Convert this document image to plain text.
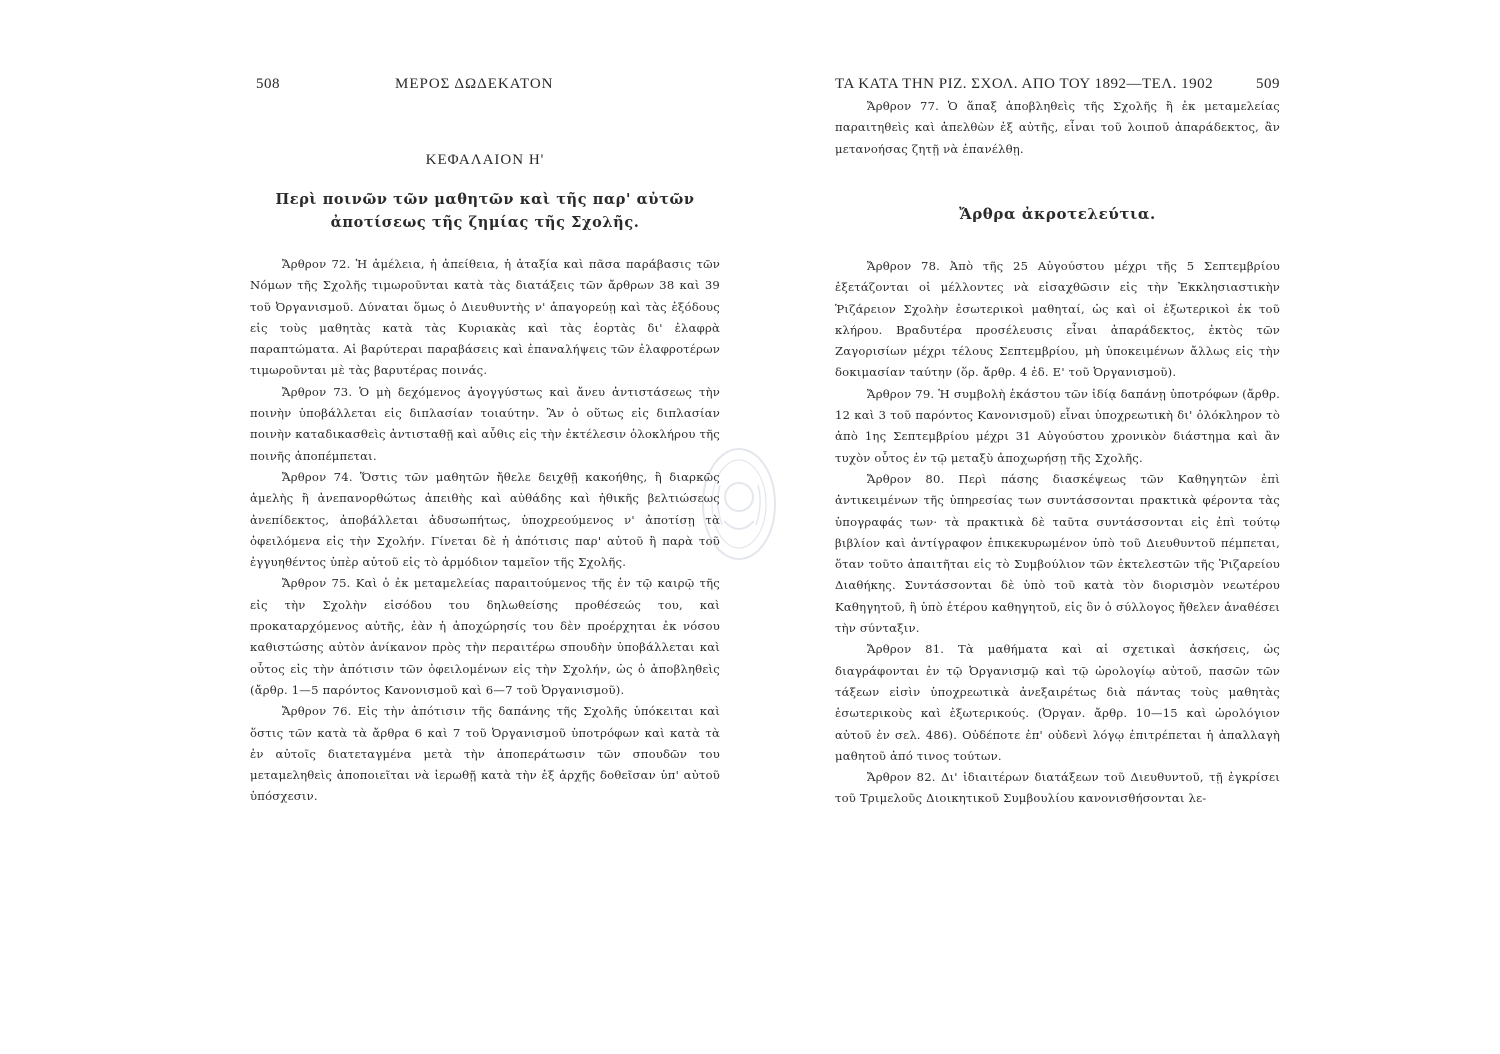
508	ΜΕΡΟΣ ΔΩΔΕΚΑΤΟΝ
ΚΕΦΑΛΑΙΟΝ Η'
Περὶ ποινῶν τῶν μαθητῶν καὶ τῆς παρ' αὐτῶν
ἀποτίσεως τῆς ζημίας τῆς Σχολῆς.

Ἄρθρον 72. Ἡ ἀμέλεια, ἡ ἀπείθεια, ἡ ἀταξία καὶ πᾶσα παράβασις τῶν Νόμων τῆς Σχολῆς τιμωροῦνται κατὰ τὰς διατάξεις τῶν ἄρθρων 38 καὶ 39 τοῦ Ὀργανισμοῦ. Δύναται ὅμως ὁ Διευθυντὴς ν' ἀπαγορεύῃ καὶ τὰς ἐξόδους εἰς τοὺς μαθητὰς κατὰ τὰς Κυριακὰς καὶ τὰς ἑορτὰς δι' ἐλαφρὰ παραπτώματα. Αἱ βαρύτεραι παραβάσεις καὶ ἐπαναλήψεις τῶν ἐλαφροτέρων τιμωροῦνται μὲ τὰς βαρυτέρας ποινάς.

Ἄρθρον 73. Ὁ μὴ δεχόμενος ἀγογγύστως καὶ ἄνευ ἀντιστάσεως τὴν ποινὴν ὑποβάλλεται εἰς διπλασίαν τοιαύτην. Ἂν ὁ οὕτως εἰς διπλασίαν ποινὴν καταδικασθεὶς ἀντισταθῇ καὶ αὖθις εἰς τὴν ἐκτέλεσιν ὁλοκλήρου τῆς ποινῆς ἀποπέμπεται.

Ἄρθρον 74. Ὅστις τῶν μαθητῶν ἤθελε δειχθῇ κακοήθης, ἢ διαρκῶς ἀμελὴς ἢ ἀνεπανορθώτως ἀπειθὴς καὶ αὐθάδης καὶ ἠθικῆς βελτιώσεως ἀνεπίδεκτος, ἀποβάλλεται ἀδυσωπήτως, ὑποχρεούμενος ν' ἀποτίσῃ τὰ ὀφειλόμενα εἰς τὴν Σχολήν. Γίνεται δὲ ἡ ἀπότισις παρ' αὐτοῦ ἢ παρὰ τοῦ ἐγγυηθέντος ὑπὲρ αὐτοῦ εἰς τὸ ἁρμόδιον ταμεῖον τῆς Σχολῆς.

Ἄρθρον 75. Καὶ ὁ ἐκ μεταμελείας παραιτούμενος τῆς ἐν τῷ καιρῷ τῆς εἰς τὴν Σχολὴν εἰσόδου του δηλωθείσης προθέσεώς του, καὶ προκαταρχόμενος αὐτῆς, ἐὰν ἡ ἀποχώρησίς του δὲν προέρχηται ἐκ νόσου καθιστώσης αὐτὸν ἀνίκανον πρὸς τὴν περαιτέρω σπουδὴν ὑποβάλλεται καὶ οὗτος εἰς τὴν ἀπότισιν τῶν ὀφειλομένων εἰς τὴν Σχολήν, ὡς ὁ ἀποβληθεὶς (ἄρθρ. 1—5 παρόντος Κανονισμοῦ καὶ 6—7 τοῦ Ὀργανισμοῦ).

Ἄρθρον 76. Εἰς τὴν ἀπότισιν τῆς δαπάνης τῆς Σχολῆς ὑπόκειται καὶ ὅστις τῶν κατὰ τὰ ἄρθρα 6 καὶ 7 τοῦ Ὀργανισμοῦ ὑποτρόφων καὶ κατὰ τὰ ἐν αὐτοῖς διατεταγμένα μετὰ τὴν ἀποπεράτωσιν τῶν σπουδῶν του μεταμεληθεὶς ἀποποιεῖται νὰ ἱερωθῇ κατὰ τὴν ἐξ ἀρχῆς δοθεῖσαν ὑπ' αὐτοῦ ὑπόσχεσιν.

ΤΑ ΚΑΤΑ ΤΗΝ ΡΙΖ. ΣΧΟΛ. ΑΠΟ ΤΟΥ 1892—ΤΕΛ. 1902	509

Ἄρθρον 77. Ὁ ἅπαξ ἀποβληθεὶς τῆς Σχολῆς ἢ ἐκ μεταμελείας παραιτηθεὶς καὶ ἀπελθὼν ἐξ αὐτῆς, εἶναι τοῦ λοιποῦ ἀπαράδεκτος, ἂν μετανοήσας ζητῇ νὰ ἐπανέλθῃ.

Ἄρθρα ἀκροτελεύτια.

Ἄρθρον 78. Ἀπὸ τῆς 25 Αὐγούστου μέχρι τῆς 5 Σεπτεμβρίου ἐξετάζονται οἱ μέλλοντες νὰ εἰσαχθῶσιν εἰς τὴν Ἐκκλησιαστικὴν Ῥιζάρειον Σχολὴν ἐσωτερικοὶ μαθηταί, ὡς καὶ οἱ ἐξωτερικοὶ ἐκ τοῦ κλήρου. Βραδυτέρα προσέλευσις εἶναι ἀπαράδεκτος, ἐκτὸς τῶν Ζαγορισίων μέχρι τέλους Σεπτεμβρίου, μὴ ὑποκειμένων ἄλλως εἰς τὴν δοκιμασίαν ταύτην (ὅρ. ἄρθρ. 4 ἐδ. Ε' τοῦ Ὀργανισμοῦ).

Ἄρθρον 79. Ἡ συμβολὴ ἑκάστου τῶν ἰδίᾳ δαπάνῃ ὑποτρόφων (ἄρθρ. 12 καὶ 3 τοῦ παρόντος Κανονισμοῦ) εἶναι ὑποχρεωτικὴ δι' ὁλόκληρον τὸ ἀπὸ 1ης Σεπτεμβρίου μέχρι 31 Αὐγούστου χρονικὸν διάστημα καὶ ἂν τυχὸν οὗτος ἐν τῷ μεταξὺ ἀποχωρήσῃ τῆς Σχολῆς.

Ἄρθρον 80. Περὶ πάσης διασκέψεως τῶν Καθηγητῶν ἐπὶ ἀντικειμένων τῆς ὑπηρεσίας των συντάσσονται πρακτικὰ φέροντα τὰς ὑπογραφάς των· τὰ πρακτικὰ δὲ ταῦτα συντάσσονται εἰς ἐπὶ τούτῳ βιβλίον καὶ ἀντίγραφον ἐπικεκυρωμένον ὑπὸ τοῦ Διευθυντοῦ πέμπεται, ὅταν τοῦτο ἀπαιτῆται εἰς τὸ Συμβούλιον τῶν ἐκτελεστῶν τῆς Ῥιζαρείου Διαθήκης. Συντάσσονται δὲ ὑπὸ τοῦ κατὰ τὸν διορισμὸν νεωτέρου Καθηγητοῦ, ἢ ὑπὸ ἑτέρου καθηγητοῦ, εἰς ὃν ὁ σύλλογος ἤθελεν ἀναθέσει τὴν σύνταξιν.

Ἄρθρον 81. Τὰ μαθήματα καὶ αἱ σχετικαὶ ἀσκήσεις, ὡς διαγράφονται ἐν τῷ Ὀργανισμῷ καὶ τῷ ὡρολογίῳ αὐτοῦ, πασῶν τῶν τάξεων εἰσὶν ὑποχρεωτικὰ ἀνεξαιρέτως διὰ πάντας τοὺς μαθητὰς ἐσωτερικοὺς καὶ ἐξωτερικούς. (Ὀργαν. ἄρθρ. 10—15 καὶ ὡρολόγιον αὐτοῦ ἐν σελ. 486). Οὐδέποτε ἐπ' οὐδενὶ λόγῳ ἐπιτρέπεται ἡ ἀπαλλαγὴ μαθητοῦ ἀπό τινος τούτων.

Ἄρθρον 82. Δι' ἰδιαιτέρων διατάξεων τοῦ Διευθυντοῦ, τῇ ἐγκρίσει τοῦ Τριμελοῦς Διοικητικοῦ Συμβουλίου κανονισθήσονται λε-
